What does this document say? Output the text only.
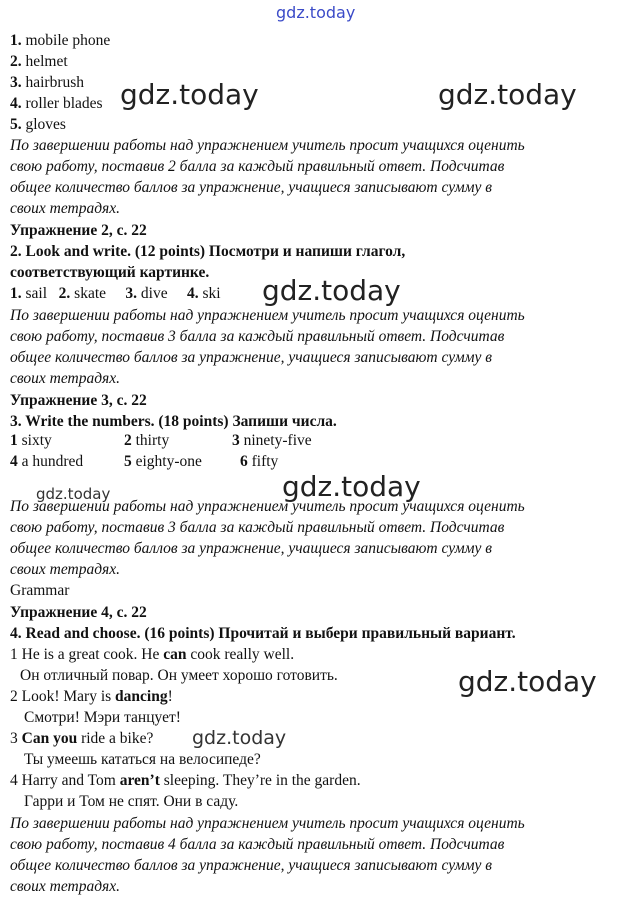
gdz.today
gdz.today	gdz.today
gdz.today
gdz.today	gdz.today
gdz.today
gdz.today
1. mobile phone
2. helmet
3. hairbrush
4. roller blades
5. gloves
По завершении работы над упражнением учитель просит учащихся оценить
свою работу, поставив 2 балла за каждый правильный ответ. Подсчитав
общее количество баллов за упражнение, учащиеся записывают сумму в
своих тетрадях.
Упражнение 2, с. 22
2. Look and write. (12 points) Посмотри и напиши глагол,
соответствующий картинке.
1. sail 2. skate 3. dive 4. ski
По завершении работы над упражнением учитель просит учащихся оценить
свою работу, поставив 3 балла за каждый правильный ответ. Подсчитав
общее количество баллов за упражнение, учащиеся записывают сумму в
своих тетрадях.
Упражнение 3, с. 22
3. Write the numbers. (18 points) Запиши числа.
1 sixty	2 thirty	3 ninety-five
4 a hundred	5 eighty-one 6 fifty
По завершении работы над упражнением учитель просит учащихся оценить
свою работу, поставив 3 балла за каждый правильный ответ. Подсчитав
общее количество баллов за упражнение, учащиеся записывают сумму в
своих тетрадях.
Grammar
Упражнение 4, с. 22
4. Read and choose. (16 points) Прочитай и выбери правильный вариант.
1 He is a great cook. He can cook really well.
Он отличный повар. Он умеет хорошо готовить.
2 Look! Mary is dancing!
Смотри! Мэри танцует!
3 Can you ride a bike?
Ты умеешь кататься на велосипеде?
4 Harry and Tom aren’t sleeping. They’re in the garden.
Гарри и Том не спят. Они в саду.
По завершении работы над упражнением учитель просит учащихся оценить
свою работу, поставив 4 балла за каждый правильный ответ. Подсчитав
общее количество баллов за упражнение, учащиеся записывают сумму в
своих тетрадях.
